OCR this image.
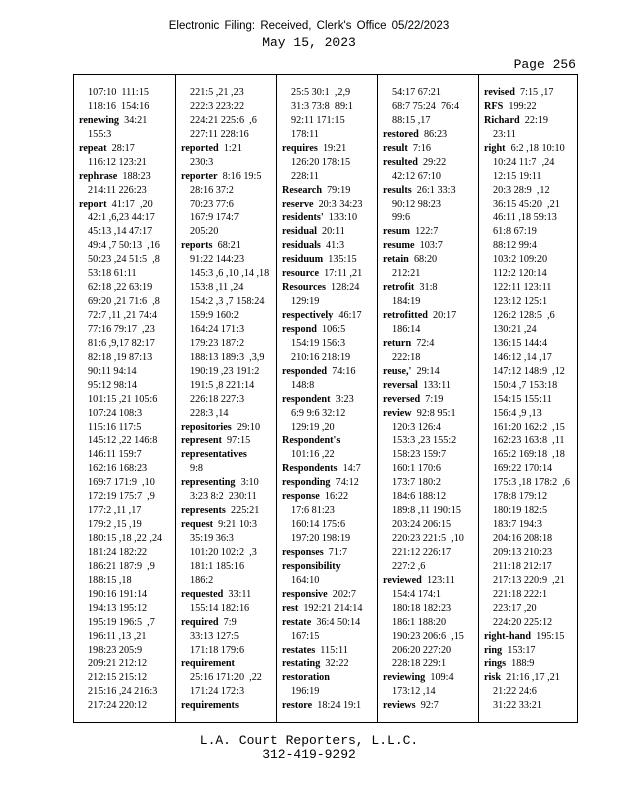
Electronic Filing: Received, Clerk's Office 05/22/2023
May 15, 2023
Page 256
107:10  111:15
118:16  154:16
renewing  34:21
155:3
repeat  28:17
116:12 123:21
rephrase  188:23
214:11 226:23
report  41:17  ,20
42:1 ,6,23 44:17
45:13 ,14 47:17
49:4 ,7 50:13  ,16
50:23 ,24 51:5  ,8
53:18 61:11
62:18 ,22 63:19
69:20 ,21 71:6  ,8
72:7 ,11 ,21 74:4
77:16 79:17  ,23
81:6 ,9,17 82:17
82:18 ,19 87:13
90:11 94:14
95:12 98:14
101:15 ,21 105:6
107:24 108:3
115:16 117:5
145:12 ,22 146:8
146:11 159:7
162:16 168:23
169:7 171:9  ,10
172:19 175:7  ,9
177:2 ,11 ,17
179:2 ,15 ,19
180:15 ,18 ,22 ,24
181:24 182:22
186:21 187:9  ,9
188:15 ,18
190:16 191:14
194:13 195:12
195:19 196:5  ,7
196:11 ,13 ,21
198:23 205:9
209:21 212:12
212:15 215:12
215:16 ,24 216:3
217:24 220:12
221:5 ,21 ,23
222:3 223:22
224:21 225:6  ,6
227:11 228:16
reported  1:21
230:3
reporter  8:16 19:5
28:16 37:2
70:23 77:6
167:9 174:7
205:20
reports  68:21
91:22 144:23
145:3 ,6 ,10 ,14 ,18
153:8 ,11 ,24
154:2 ,3 ,7 158:24
159:9 160:2
164:24 171:3
179:23 187:2
188:13 189:3  ,3,9
190:19 ,23 191:2
191:5 ,8 221:14
226:18 227:3
228:3 ,14
repositories  29:10
represent  97:15
representatives
9:8
representing  3:10
3:23 8:2  230:11
represents  225:21
request  9:21 10:3
35:19 36:3
101:20 102:2  ,3
181:1 185:16
186:2
requested  33:11
155:14 182:16
required  7:9
33:13 127:5
171:18 179:6
requirement
25:16 171:20  ,22
171:24 172:3
requirements
25:5 30:1  ,2,9
31:3 73:8  89:1
92:11 171:15
178:11
requires  19:21
126:20 178:15
228:11
Research  79:19
reserve  20:3 34:23
residents'  133:10
residual  20:11
residuals  41:3
residuum  135:15
resource  17:11 ,21
Resources  128:24
129:19
respectively  46:17
respond  106:5
154:19 156:3
210:16 218:19
responded  74:16
148:8
respondent  3:23
6:9 9:6 32:12
129:19 ,20
Respondent's
101:16 ,22
Respondents  14:7
responding  74:12
response  16:22
17:6 81:23
160:14 175:6
197:20 198:19
responses  71:7
responsibility
164:10
responsive  202:7
rest  192:21 214:14
restate  36:4 50:14
167:15
restates  115:11
restating  32:22
restoration
196:19
restore  18:24 19:1
54:17 67:21
68:7 75:24  76:4
88:15 ,17
restored  86:23
result  7:16
resulted  29:22
42:12 67:10
results  26:1 33:3
90:12 98:23
99:6
resum  122:7
resume  103:7
retain  68:20
212:21
retrofit  31:8
184:19
retrofitted  20:17
186:14
return  72:4
222:18
reuse,'  29:14
reversal  133:11
reversed  7:19
review  92:8 95:1
120:3 126:4
153:3 ,23 155:2
158:23 159:7
160:1 170:6
173:7 180:2
184:6 188:12
189:8 ,11 190:15
203:24 206:15
220:23 221:5  ,10
221:12 226:17
227:2 ,6
reviewed  123:11
154:4 174:1
180:18 182:23
186:1 188:20
190:23 206:6  ,15
206:20 227:20
228:18 229:1
reviewing  109:4
173:12 ,14
reviews  92:7
revised  7:15 ,17
RFS  199:22
Richard  22:19
23:11
right  6:2 ,18 10:10
10:24 11:7  ,24
12:15 19:11
20:3 28:9  ,12
36:15 45:20  ,21
46:11 ,18 59:13
61:8 67:19
88:12 99:4
103:2 109:20
112:2 120:14
122:11 123:11
123:12 125:1
126:2 128:5  ,6
130:21 ,24
136:15 144:4
146:12 ,14 ,17
147:12 148:9  ,12
150:4 ,7 153:18
154:15 155:11
156:4 ,9 ,13
161:20 162:2  ,15
162:23 163:8  ,11
165:2 169:18  ,18
169:22 170:14
175:3 ,18 178:2  ,6
178:8 179:12
180:19 182:5
183:7 194:3
204:16 208:18
209:13 210:23
211:18 212:17
217:13 220:9  ,21
221:18 222:1
223:17 ,20
224:20 225:12
right-hand  195:15
ring  153:17
rings  188:9
risk  21:16 ,17 ,21
21:22 24:6
31:22 33:21
L.A. Court Reporters, L.L.C.
312-419-9292
